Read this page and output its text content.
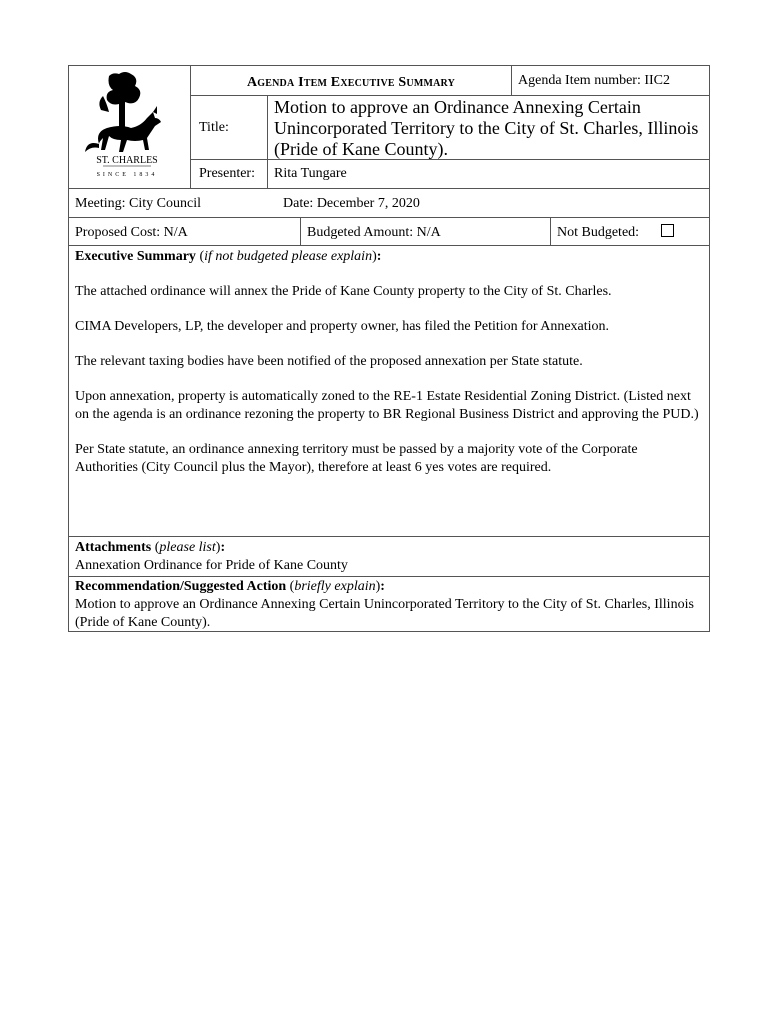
ST. CHARLES
SINCE 1834
Agenda Item Executive Summary	Agenda Item number: IIC2
Title:
Motion to approve an Ordinance Annexing Certain Unincorporated Territory to the City of St. Charles, Illinois (Pride of Kane County).
Presenter:	Rita Tungare
Meeting: City Council	Date: December 7, 2020
Proposed Cost: N/A	Budgeted Amount: N/A	Not Budgeted:

Executive Summary (if not budgeted please explain):

The attached ordinance will annex the Pride of Kane County property to the City of St. Charles.

CIMA Developers, LP, the developer and property owner, has filed the Petition for Annexation.

The relevant taxing bodies have been notified of the proposed annexation per State statute.

Upon annexation, property is automatically zoned to the RE-1 Estate Residential Zoning District. (Listed next on the agenda is an ordinance rezoning the property to BR Regional Business District and approving the PUD.)

Per State statute, an ordinance annexing territory must be passed by a majority vote of the Corporate Authorities (City Council plus the Mayor), therefore at least 6 yes votes are required.

Attachments (please list):

Annexation Ordinance for Pride of Kane County

Recommendation/Suggested Action (briefly explain):

Motion to approve an Ordinance Annexing Certain Unincorporated Territory to the City of St. Charles, Illinois (Pride of Kane County).
